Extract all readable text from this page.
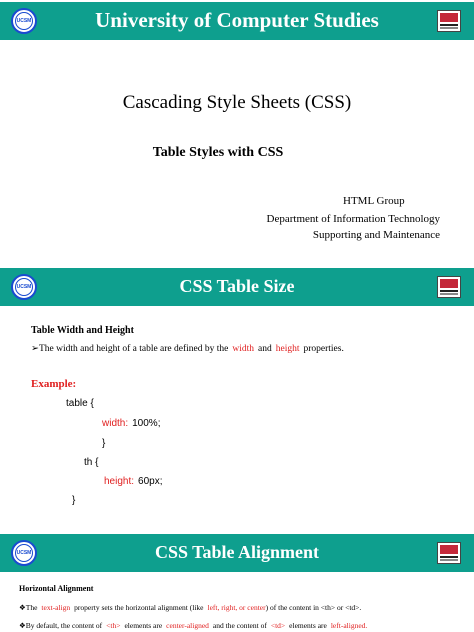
UCSM	University of Computer Studies
Cascading Style Sheets (CSS)
Table Styles with CSS
HTML Group
Department of Information Technology
Supporting and Maintenance
UCSM	CSS Table Size
Table Width and Height
➢The width and height of a table are defined by the width and height properties.
Example:
table {
width: 100%;
}
th {
height: 60px;
}
UCSM	CSS Table Alignment
Horizontal Alignment
❖The text-align property sets the horizontal alignment (like left, right, or center) of the content in <th> or <td>.
❖By default, the content of <th> elements are center-aligned and the content of <td> elements are left-aligned.
